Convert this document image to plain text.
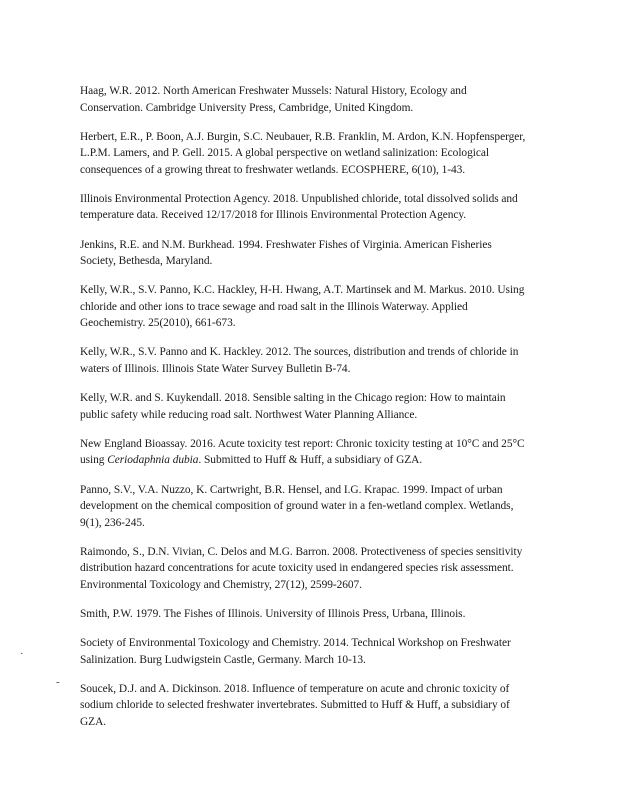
Haag, W.R. 2012. North American Freshwater Mussels: Natural History, Ecology and Conservation. Cambridge University Press, Cambridge, United Kingdom.
Herbert, E.R., P. Boon, A.J. Burgin, S.C. Neubauer, R.B. Franklin, M. Ardon, K.N. Hopfensperger, L.P.M. Lamers, and P. Gell. 2015. A global perspective on wetland salinization: Ecological consequences of a growing threat to freshwater wetlands. ECOSPHERE, 6(10), 1-43.
Illinois Environmental Protection Agency. 2018. Unpublished chloride, total dissolved solids and temperature data. Received 12/17/2018 for Illinois Environmental Protection Agency.
Jenkins, R.E. and N.M. Burkhead. 1994. Freshwater Fishes of Virginia. American Fisheries Society, Bethesda, Maryland.
Kelly, W.R., S.V. Panno, K.C. Hackley, H-H. Hwang, A.T. Martinsek and M. Markus. 2010. Using chloride and other ions to trace sewage and road salt in the Illinois Waterway. Applied Geochemistry. 25(2010), 661-673.
Kelly, W.R., S.V. Panno and K. Hackley. 2012. The sources, distribution and trends of chloride in waters of Illinois. Illinois State Water Survey Bulletin B-74.
Kelly, W.R. and S. Kuykendall. 2018. Sensible salting in the Chicago region: How to maintain public safety while reducing road salt. Northwest Water Planning Alliance.
New England Bioassay. 2016. Acute toxicity test report: Chronic toxicity testing at 10°C and 25°C using Ceriodaphnia dubia. Submitted to Huff & Huff, a subsidiary of GZA.
Panno, S.V., V.A. Nuzzo, K. Cartwright, B.R. Hensel, and I.G. Krapac. 1999. Impact of urban development on the chemical composition of ground water in a fen-wetland complex. Wetlands, 9(1), 236-245.
Raimondo, S., D.N. Vivian, C. Delos and M.G. Barron. 2008. Protectiveness of species sensitivity distribution hazard concentrations for acute toxicity used in endangered species risk assessment. Environmental Toxicology and Chemistry, 27(12), 2599-2607.
Smith, P.W. 1979. The Fishes of Illinois. University of Illinois Press, Urbana, Illinois.
Society of Environmental Toxicology and Chemistry. 2014. Technical Workshop on Freshwater Salinization. Burg Ludwigstein Castle, Germany. March 10-13.
Soucek, D.J. and A. Dickinson. 2018. Influence of temperature on acute and chronic toxicity of sodium chloride to selected freshwater invertebrates. Submitted to Huff & Huff, a subsidiary of GZA.
·
-
